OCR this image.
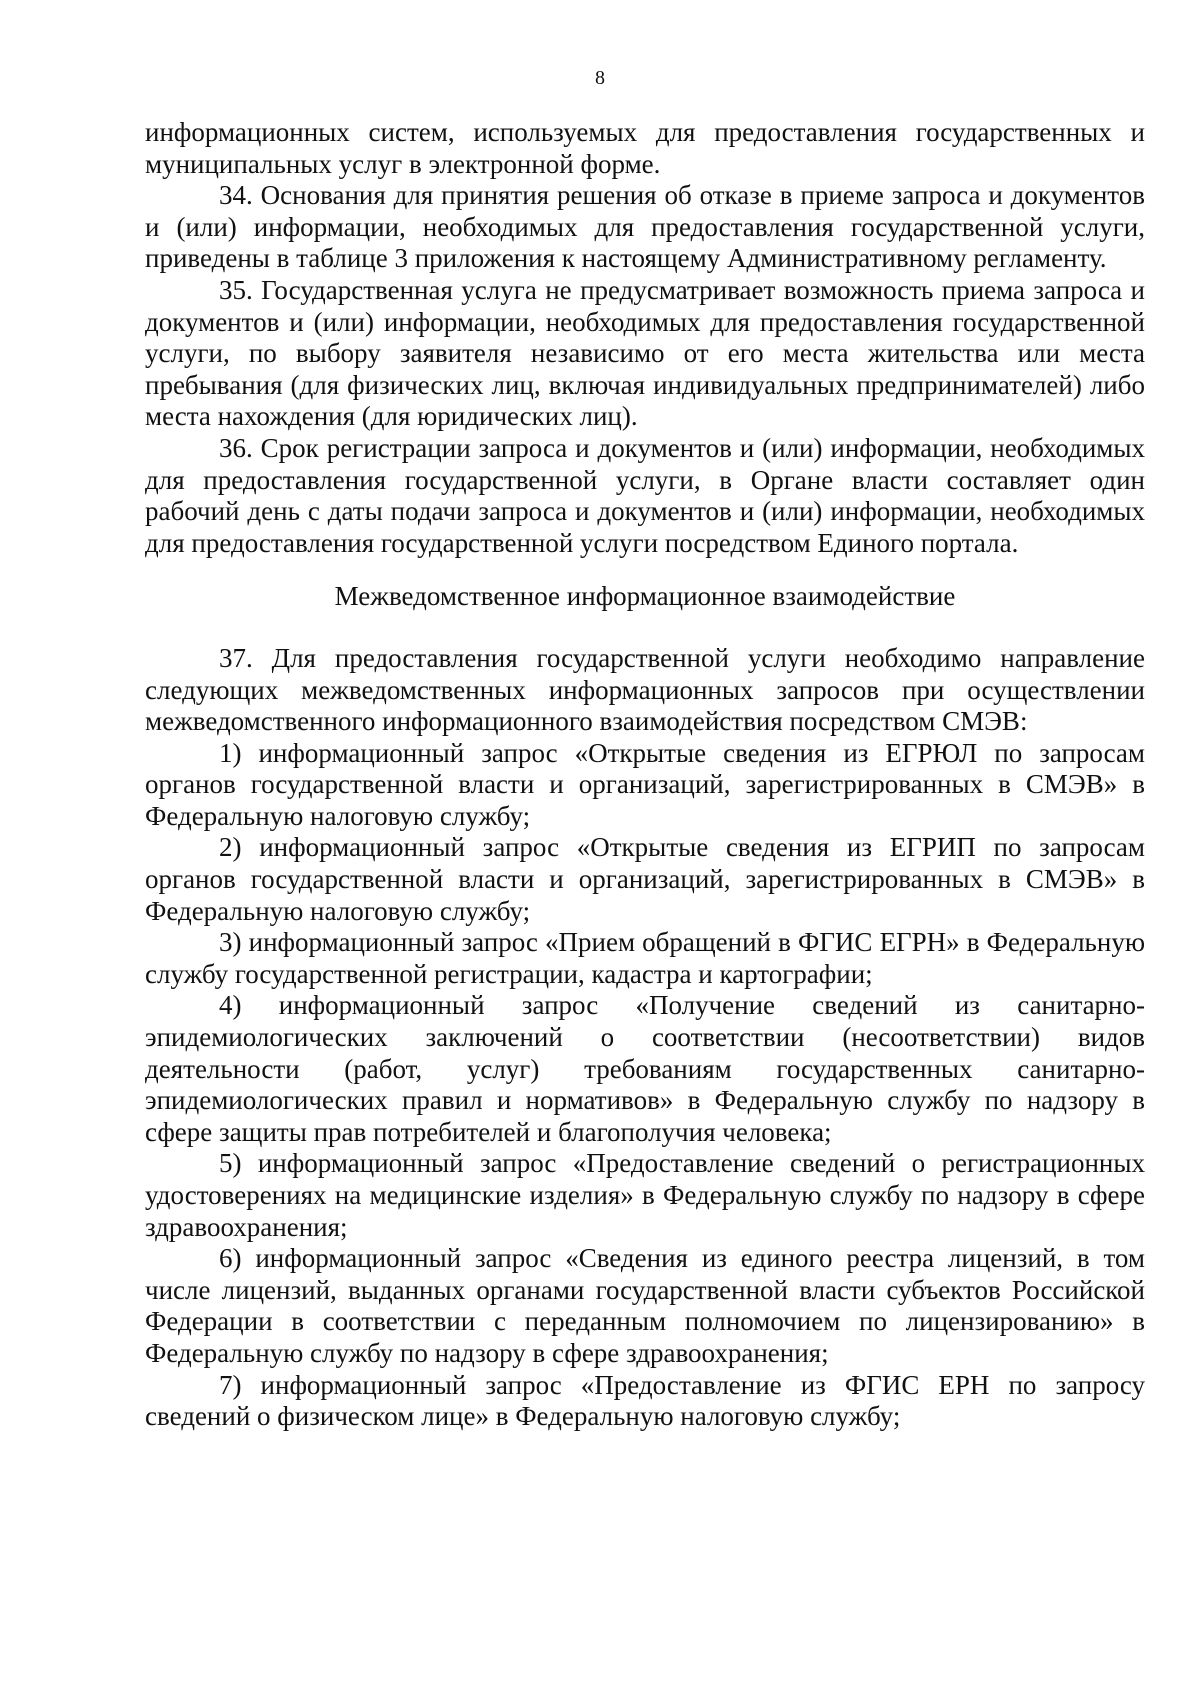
8

информационных систем, используемых для предоставления государственных и муниципальных услуг в электронной форме.

34. Основания для принятия решения об отказе в приеме запроса и документов и (или) информации, необходимых для предоставления государственной услуги, приведены в таблице 3 приложения к настоящему Административному регламенту.

35. Государственная услуга не предусматривает возможность приема запроса и документов и (или) информации, необходимых для предоставления государственной услуги, по выбору заявителя независимо от его места жительства или места пребывания (для физических лиц, включая индивидуальных предпринимателей) либо места нахождения (для юридических лиц).

36. Срок регистрации запроса и документов и (или) информации, необходимых для предоставления государственной услуги, в Органе власти составляет один рабочий день с даты подачи запроса и документов и (или) информации, необходимых для предоставления государственной услуги посредством Единого портала.

Межведомственное информационное взаимодействие

37. Для предоставления государственной услуги необходимо направление следующих межведомственных информационных запросов при осуществлении межведомственного информационного взаимодействия посредством СМЭВ:

1) информационный запрос «Открытые сведения из ЕГРЮЛ по запросам органов государственной власти и организаций, зарегистрированных в СМЭВ» в Федеральную налоговую службу;

2) информационный запрос «Открытые сведения из ЕГРИП по запросам органов государственной власти и организаций, зарегистрированных в СМЭВ» в Федеральную налоговую службу;

3) информационный запрос «Прием обращений в ФГИС ЕГРН» в Федеральную службу государственной регистрации, кадастра и картографии;

4) информационный запрос «Получение сведений из санитарно-эпидемиологических заключений о соответствии (несоответствии) видов деятельности (работ, услуг) требованиям государственных санитарно-эпидемиологических правил и нормативов» в Федеральную службу по надзору в сфере защиты прав потребителей и благополучия человека;

5) информационный запрос «Предоставление сведений о регистрационных удостоверениях на медицинские изделия» в Федеральную службу по надзору в сфере здравоохранения;

6) информационный запрос «Сведения из единого реестра лицензий, в том числе лицензий, выданных органами государственной власти субъектов Российской Федерации в соответствии с переданным полномочием по лицензированию» в Федеральную службу по надзору в сфере здравоохранения;

7) информационный запрос «Предоставление из ФГИС ЕРН по запросу сведений о физическом лице» в Федеральную налоговую службу;
